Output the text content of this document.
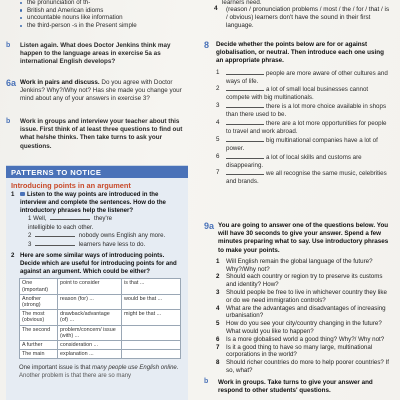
the pronunciation of th-
British and American idioms
uncountable nouns like information
the third-person -s in the Present simple
b Listen again. What does Doctor Jenkins think may happen to the language areas in exercise 5a as international English develops?
6a Work in pairs and discuss. Do you agree with Doctor Jenkins? Why?/Why not? Has she made you change your mind about any of your answers in exercise 3?
b Work in groups and interview your teacher about this issue. First think of at least three questions to find out what he/she thinks. Then take turns to ask your questions.
PATTERNS TO NOTICE
Introducing points in an argument
1 Listen to the way points are introduced in the interview and complete the sentences. How do the introductory phrases help the listener?
1 Well,	they're
intelligible to each other.
2	nobody owns English any more.
3	learners have less to do.
2 Here are some similar ways of introducing points. Decide which are useful for introducing points for and against an argument. Which could be either?
One (important)	point to consider	is that ...
Another (strong)	reason (for) ...	would be that ...
The most (obvious)	drawback/advantage (of) ...	might be that ...
The second	problem/concern/ issue (with) ...	
A further	consideration ...	
The main	explanation ...	
One important issue is that many people use English online.
Another problem is that there are so many
learners need.
4 (reason / pronunciation problems / most / the / for / that / is / obvious) learners don't have the sound in their first language.
8 Decide whether the points below are for or against globalisation, or neutral. Then introduce each one using an appropriate phrase.
1	people are more aware of other cultures and ways of life.
2	a lot of small local businesses cannot compete with big multinationals.
3	there is a lot more choice available in shops than there used to be.
4	there are a lot more opportunities for people to travel and work abroad.
5	big multinational companies have a lot of power.
6	a lot of local skills and customs are disappearing.
7	we all recognise the same music, celebrities and brands.
9a You are going to answer one of the questions below. You will have 30 seconds to give your answer. Spend a few minutes preparing what to say. Use introductory phrases to make your points.
1 Will English remain the global language of the future? Why?/Why not?
2 Should each country or region try to preserve its customs and identity? How?
3 Should people be free to live in whichever country they like or do we need immigration controls?
4 What are the advantages and disadvantages of increasing urbanisation?
5 How do you see your city/country changing in the future? What would you like to happen?
6 Is a more globalised world a good thing? Why?/ Why not?
7 Is it a good thing to have so many large, multinational corporations in the world?
8 Should richer countries do more to help poorer countries? If so, what?
b Work in groups. Take turns to give your answer and respond to other students' questions.
